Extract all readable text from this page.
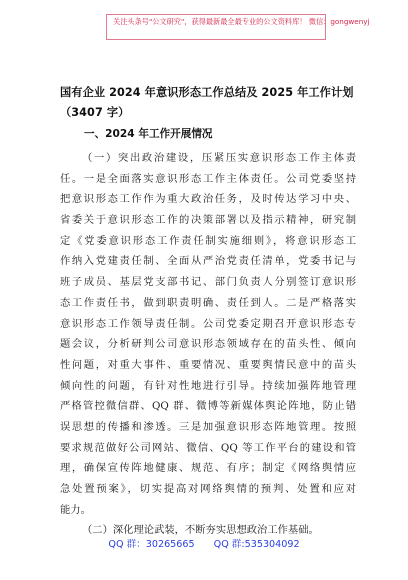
关注头条号"公文研究"，获得最新最全最专业的公文资料库！ 微信：gongwenyj
国有企业 2024 年意识形态工作总结及 2025 年工作计划
（3407 字）
一、2024 年工作开展情况
（一）突出政治建设，压紧压实意识形态工作主体责
任。一是全面落实意识形态工作主体责任。公司党委坚持
把意识形态工作作为重大政治任务，及时传达学习中央、
省委关于意识形态工作的决策部署以及指示精神，研究制
定《党委意识形态工作责任制实施细则》，将意识形态工
作纳入党建责任制、全面从严治党责任清单，党委书记与
班子成员、基层党支部书记、部门负责人分别签订意识形
态工作责任书，做到职责明确、责任到人。二是严格落实
意识形态工作领导责任制。公司党委定期召开意识形态专
题会议，分析研判公司意识形态领域存在的苗头性、倾向
性问题，对重大事件、重要情况、重要舆情民意中的苗头
倾向性的问题，有针对性地进行引导。持续加强阵地管理
严格管控微信群、QQ 群、微博等新媒体舆论阵地，防止错
误思想的传播和渗透。三是加强意识形态阵地管理。按照
要求规范做好公司网站、微信、QQ 等工作平台的建设和管
理，确保宣传阵地健康、规范、有序；制定《网络舆情应
急处置预案》，切实提高对网络舆情的预判、处置和应对
能力。
（二）深化理论武装，不断夯实思想政治工作基础。
QQ 群：30265665 QQ 群:535304092
